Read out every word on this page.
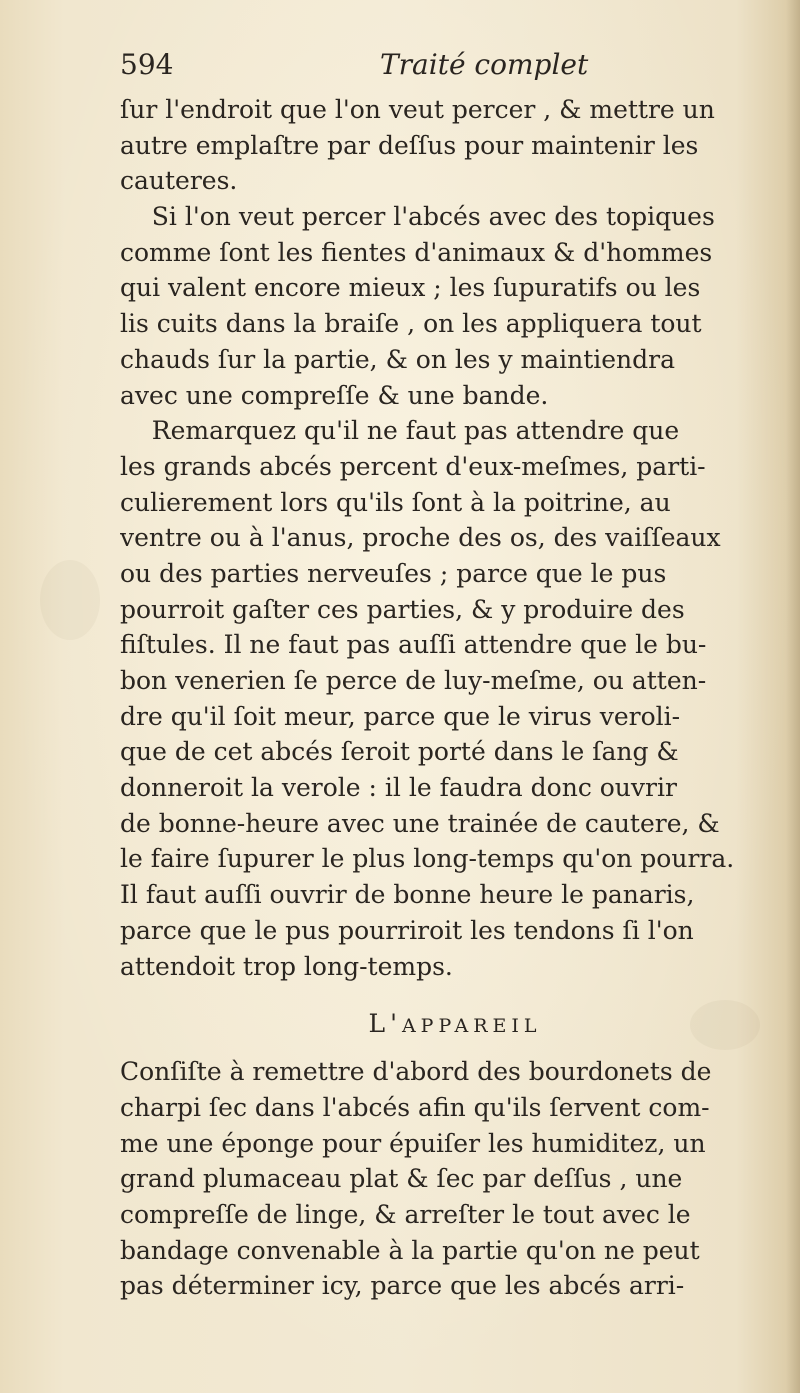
594	Traité complet
ſur l'endroit que l'on veut percer , & mettre un
autre emplaſtre par deſſus pour maintenir les
cauteres.
Si l'on veut percer l'abcés avec des topiques
comme ſont les fientes d'animaux & d'hommes
qui valent encore mieux ; les ſupuratifs ou les
lis cuits dans la braiſe , on les appliquera tout
chauds ſur la partie, & on les y maintiendra
avec une compreſſe & une bande.
Remarquez qu'il ne faut pas attendre que
les grands abcés percent d'eux-meſmes, parti-
culierement lors qu'ils ſont à la poitrine, au
ventre ou à l'anus, proche des os, des vaiſſeaux
ou des parties nerveuſes ; parce que le pus
pourroit gaſter ces parties, & y produire des
fiſtules. Il ne faut pas auſſi attendre que le bu-
bon venerien ſe perce de luy-meſme, ou atten-
dre qu'il ſoit meur, parce que le virus veroli-
que de cet abcés ſeroit porté dans le ſang &
donneroit la verole : il le faudra donc ouvrir
de bonne-heure avec une trainée de cautere, &
le faire ſupurer le plus long-temps qu'on pourra.
Il faut auſſi ouvrir de bonne heure le panaris,
parce que le pus pourriroit les tendons ſi l'on
attendoit trop long-temps.
L'APPAREIL
Conſiſte à remettre d'abord des bourdonets de
charpi ſec dans l'abcés afin qu'ils ſervent com-
me une éponge pour épuiſer les humiditez, un
grand plumaceau plat & ſec par deſſus , une
compreſſe de linge, & arreſter le tout avec le
bandage convenable à la partie qu'on ne peut
pas déterminer icy, parce que les abcés arri-
